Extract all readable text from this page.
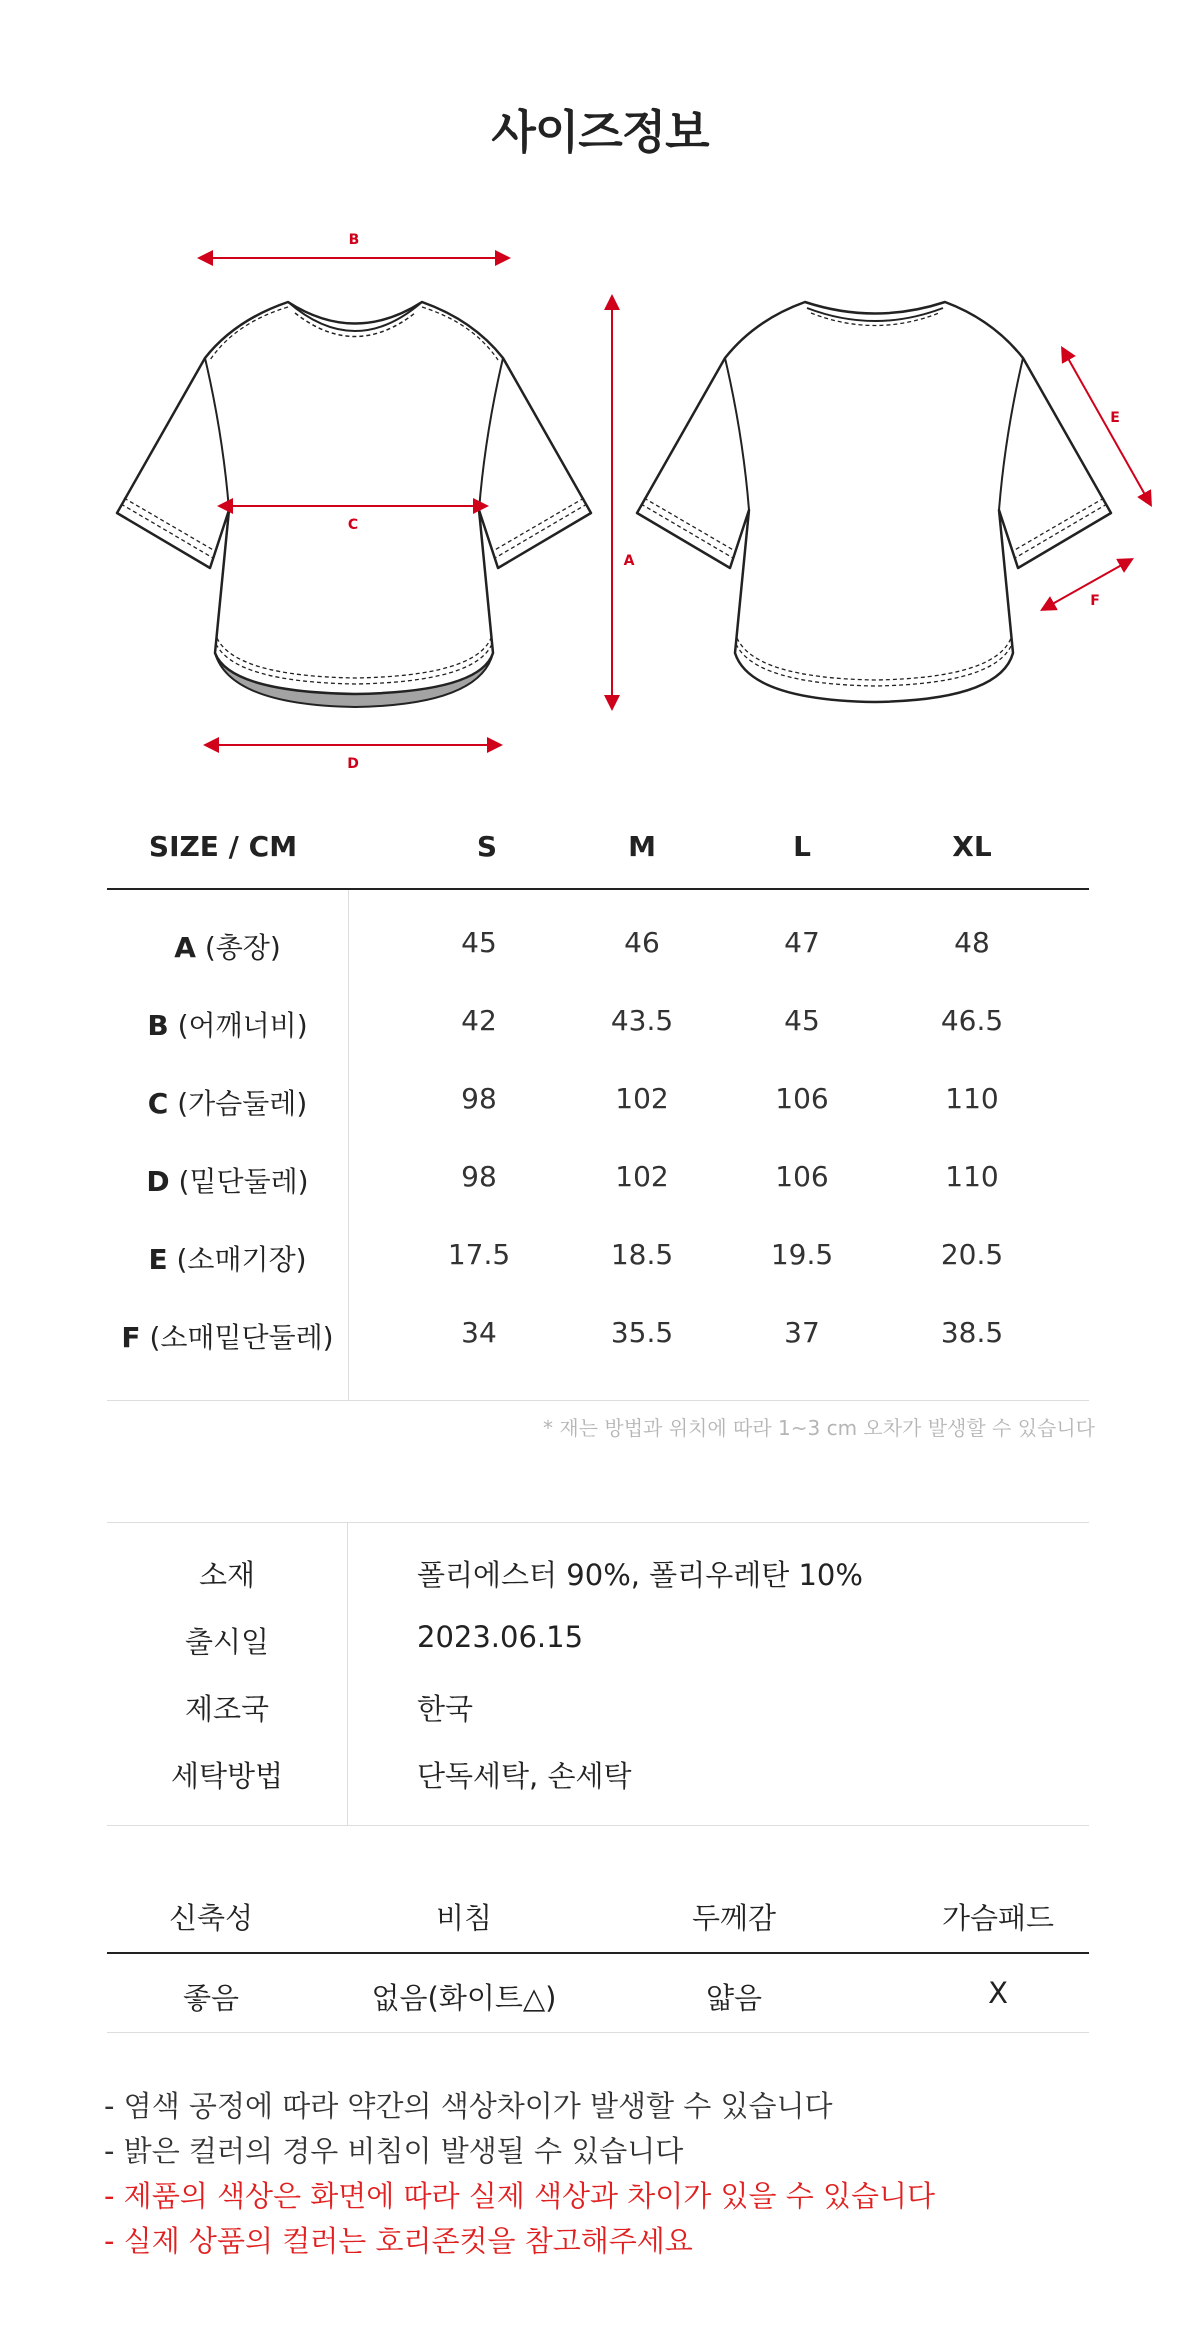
사이즈정보
B
C
D
A
E
F
SIZE / CM	S	M	L	XL
A (총장)	45	46	47	48
B (어깨너비)	42	43.5	45	46.5
C (가슴둘레)	98	102	106	110
D (밑단둘레)	98	102	106	110
E (소매기장)	17.5	18.5	19.5	20.5
F (소매밑단둘레)	34	35.5	37	38.5
* 재는 방법과 위치에 따라 1~3 cm 오차가 발생할 수 있습니다
소재	폴리에스터 90%, 폴리우레탄 10%
출시일	2023.06.15
제조국	한국
세탁방법	단독세탁, 손세탁
신축성	비침	두께감	가슴패드
좋음	없음(화이트△)	얇음	X
- 염색 공정에 따라 약간의 색상차이가 발생할 수 있습니다
- 밝은 컬러의 경우 비침이 발생될 수 있습니다
- 제품의 색상은 화면에 따라 실제 색상과 차이가 있을 수 있습니다
- 실제 상품의 컬러는 호리존컷을 참고해주세요
